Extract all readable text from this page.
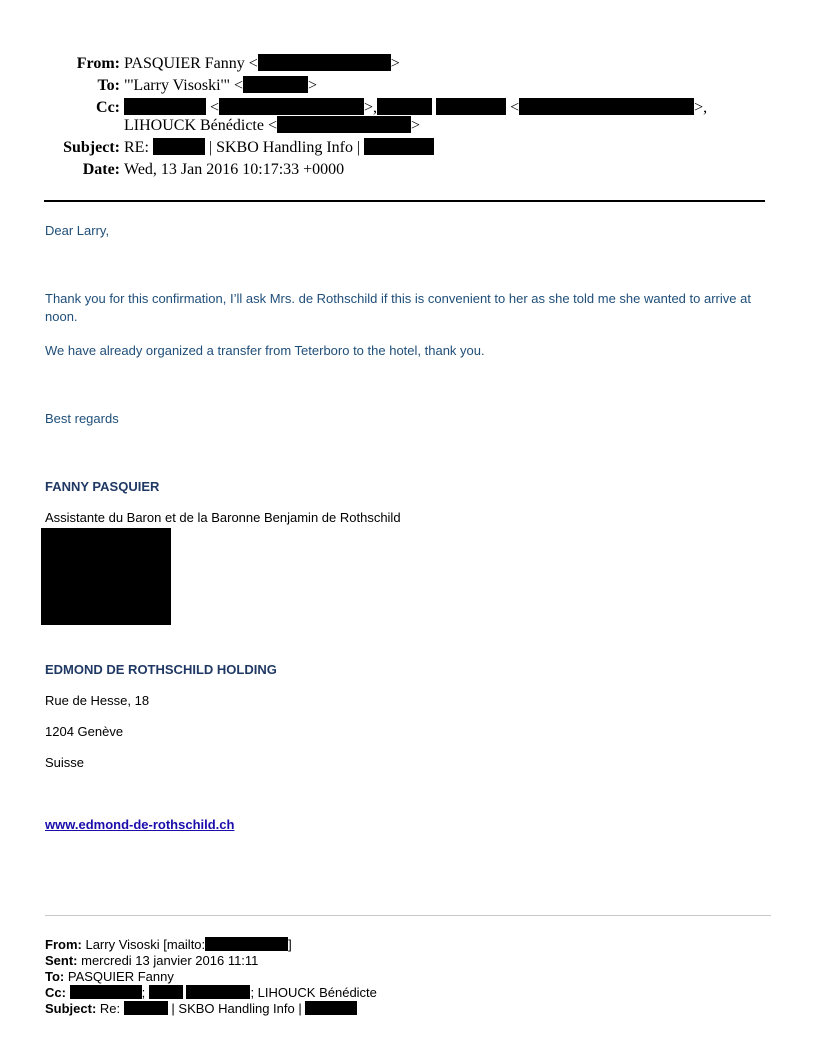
From: PASQUIER Fanny <	>
To: "'Larry Visoski'" <	>
Cc:	<	>,	<	>,
LIHOUCK Bénédicte <	>
Subject: RE:	| SKBO Handling Info |
Date: Wed, 13 Jan 2016 10:17:33 +0000
Dear Larry,
Thank you for this confirmation, I’ll ask Mrs. de Rothschild if this is convenient to her as she told me she wanted to arrive at noon.
We have already organized a transfer from Teterboro to the hotel, thank you.
Best regards
FANNY PASQUIER
Assistante du Baron et de la Baronne Benjamin de Rothschild
EDMOND DE ROTHSCHILD HOLDING
Rue de Hesse, 18
1204 Genève
Suisse
www.edmond-de-rothschild.ch
From: Larry Visoski [mailto:	]
Sent: mercredi 13 janvier 2016 11:11
To: PASQUIER Fanny
Cc:	;	; LIHOUCK Bénédicte
Subject: Re:	| SKBO Handling Info |
